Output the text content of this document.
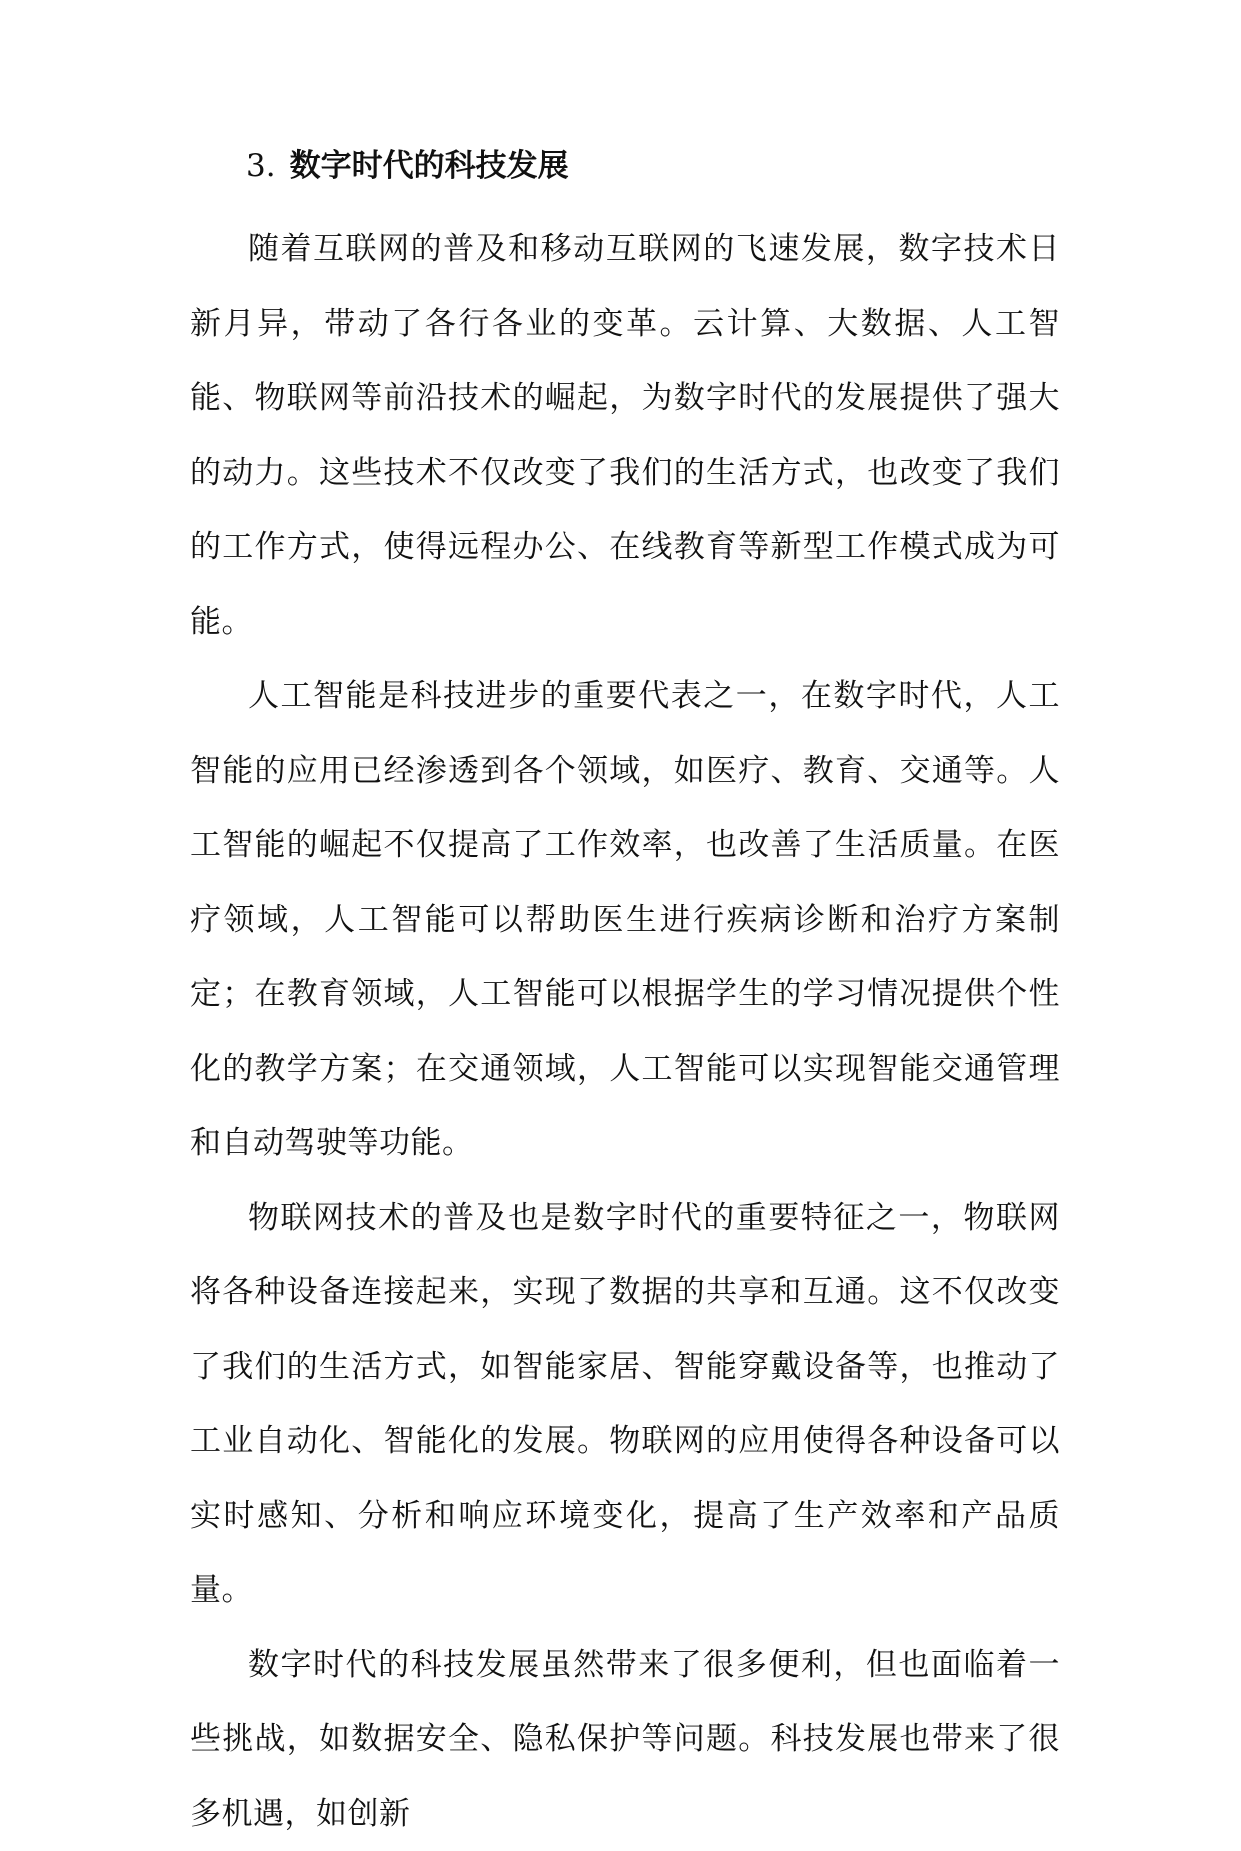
3. 数字时代的科技发展

随着互联网的普及和移动互联网的飞速发展，数字技术日新月异，带动了各行各业的变革。云计算、大数据、人工智能、物联网等前沿技术的崛起，为数字时代的发展提供了强大的动力。这些技术不仅改变了我们的生活方式，也改变了我们的工作方式，使得远程办公、在线教育等新型工作模式成为可能。

人工智能是科技进步的重要代表之一，在数字时代，人工智能的应用已经渗透到各个领域，如医疗、教育、交通等。人工智能的崛起不仅提高了工作效率，也改善了生活质量。在医疗领域，人工智能可以帮助医生进行疾病诊断和治疗方案制定；在教育领域，人工智能可以根据学生的学习情况提供个性化的教学方案；在交通领域，人工智能可以实现智能交通管理和自动驾驶等功能。

物联网技术的普及也是数字时代的重要特征之一，物联网将各种设备连接起来，实现了数据的共享和互通。这不仅改变了我们的生活方式，如智能家居、智能穿戴设备等，也推动了工业自动化、智能化的发展。物联网的应用使得各种设备可以实时感知、分析和响应环境变化，提高了生产效率和产品质量。

数字时代的科技发展虽然带来了很多便利，但也面临着一些挑战，如数据安全、隐私保护等问题。科技发展也带来了很多机遇，如创新
